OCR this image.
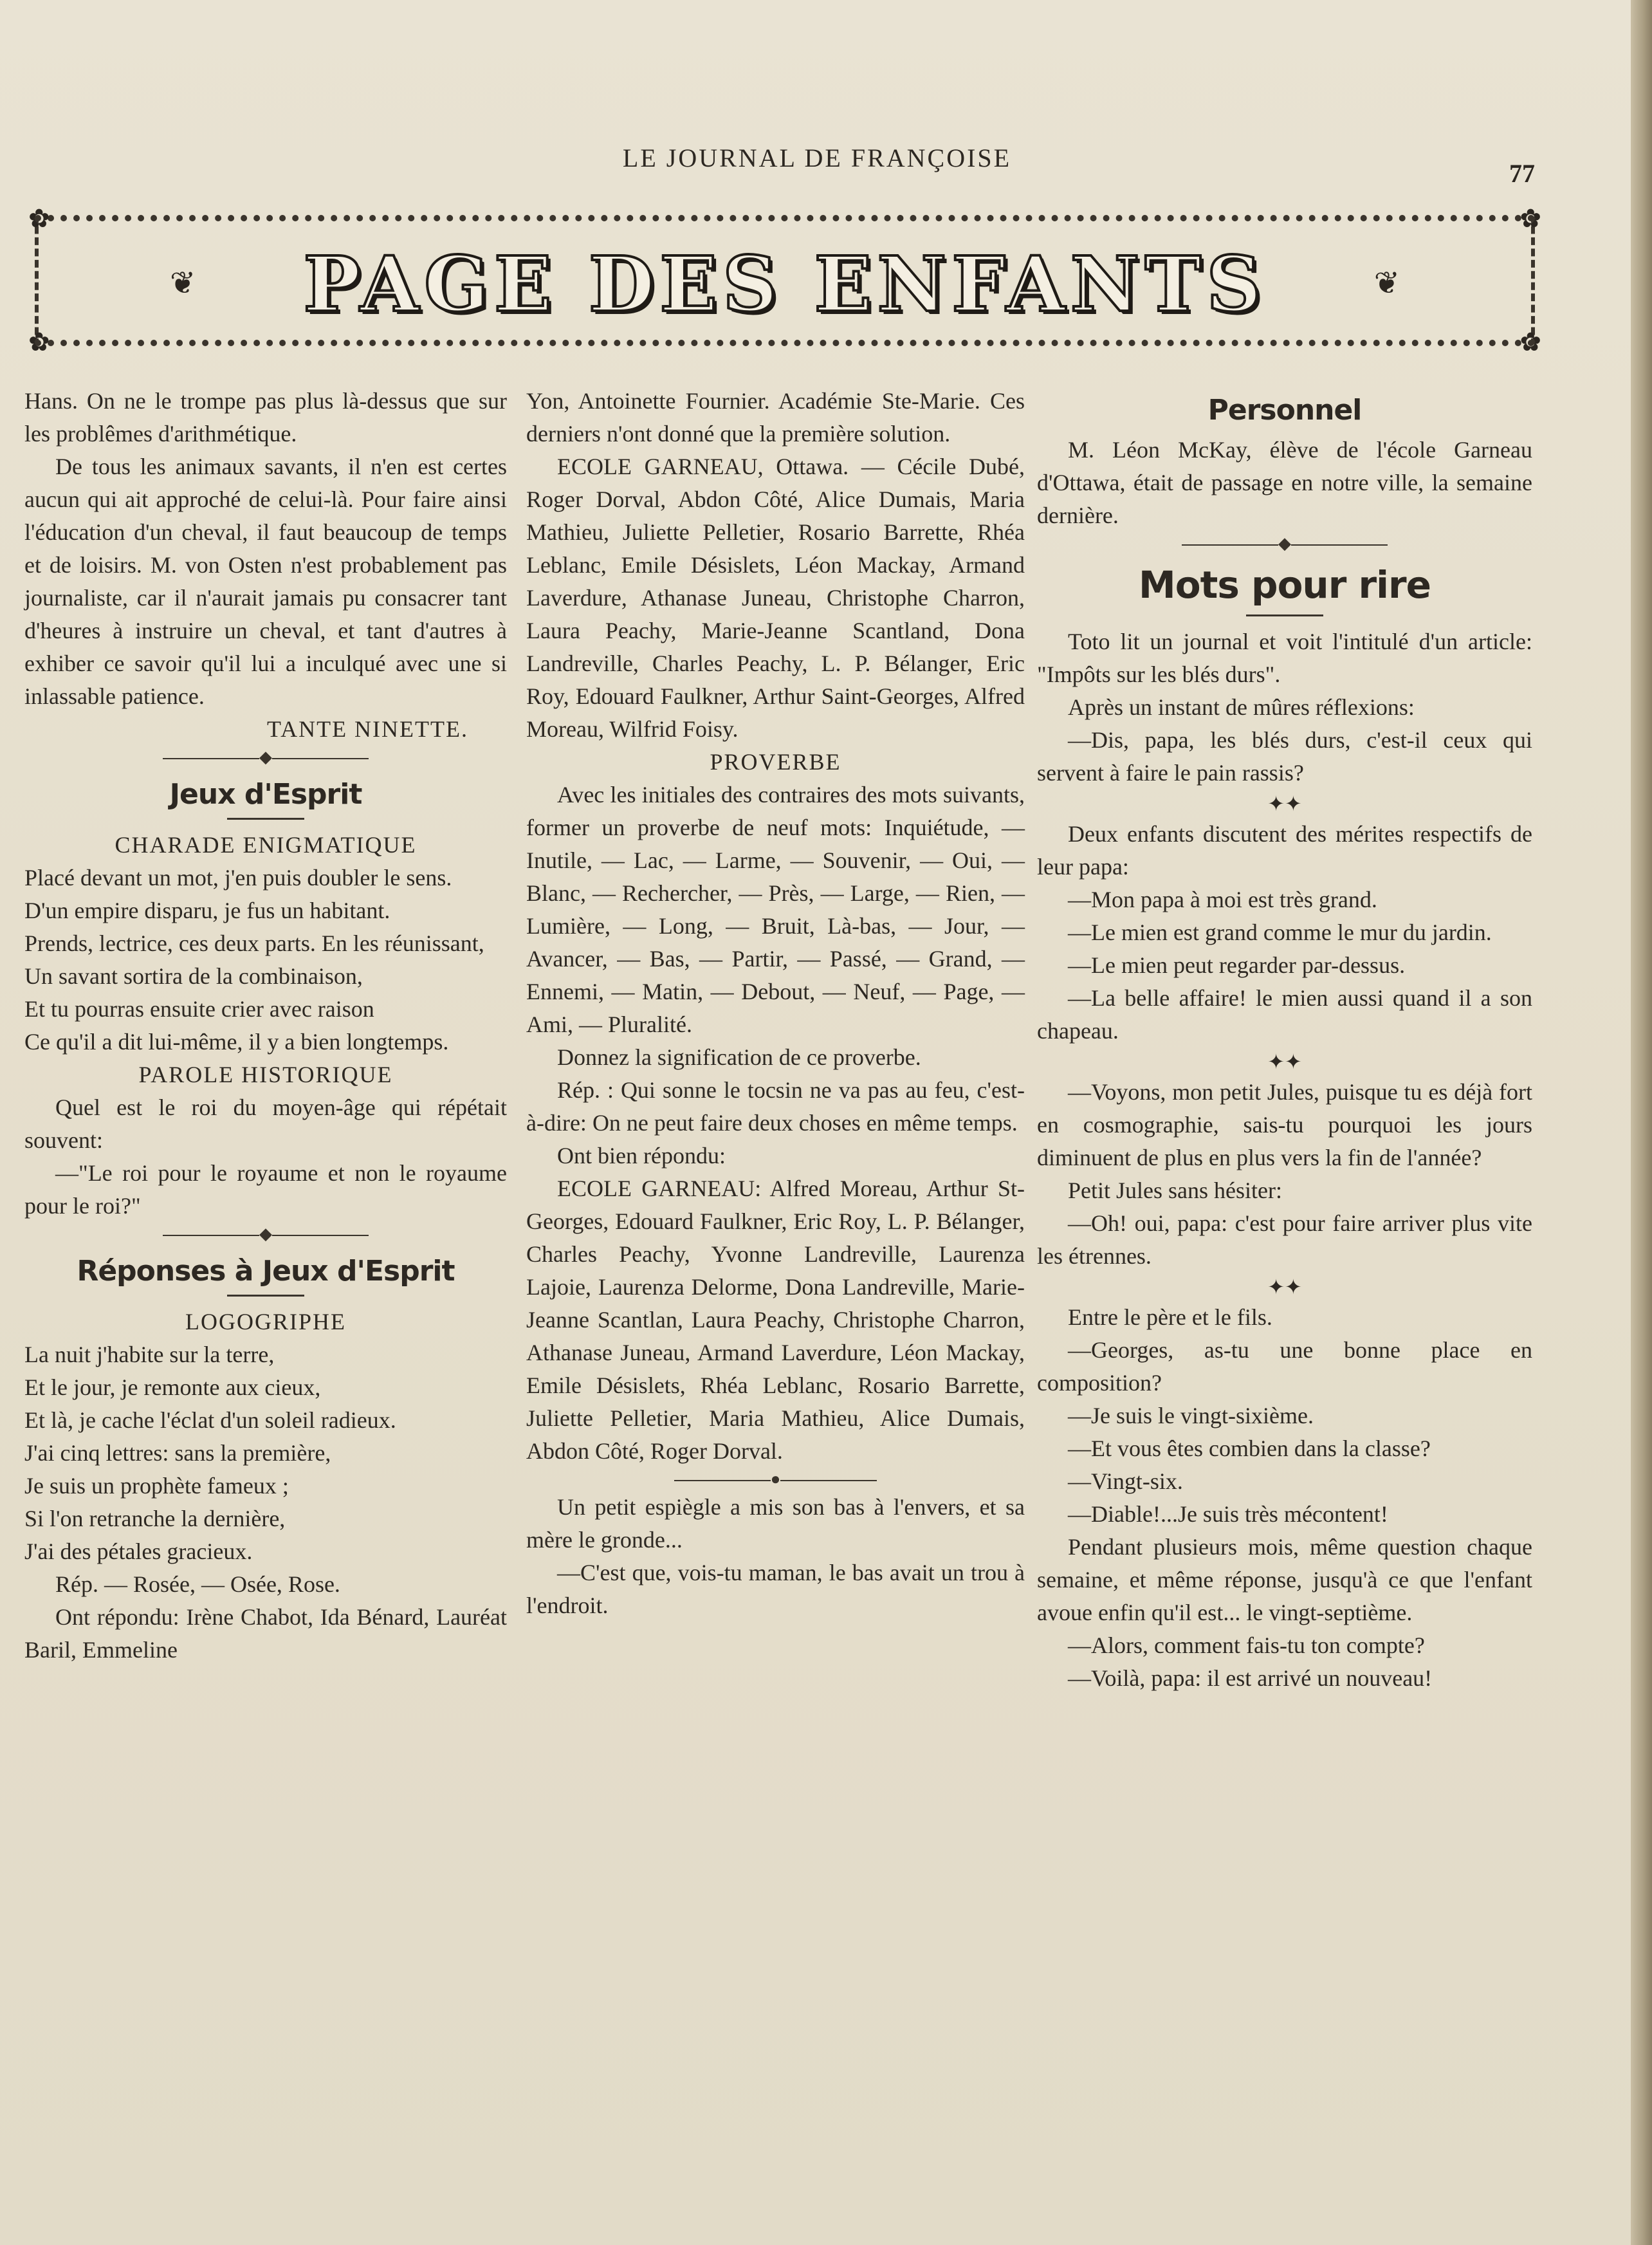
LE JOURNAL DE FRANÇOISE
77
✿	✿
✿	✿
❦	❦
PAGE DES ENFANTS

Hans. On ne le trompe pas plus là-dessus que sur les problêmes d'arithmétique.

De tous les animaux savants, il n'en est certes aucun qui ait approché de celui-là. Pour faire ainsi l'éducation d'un cheval, il faut beaucoup de temps et de loisirs. M. von Osten n'est probablement pas journaliste, car il n'aurait jamais pu consacrer tant d'heures à instruire un cheval, et tant d'autres à exhiber ce savoir qu'il lui a inculqué avec une si inlassable patience.

TANTE NINETTE.

◆
Jeux d'Esprit

CHARADE ENIGMATIQUE

Placé devant un mot, j'en puis doubler le sens.

D'un empire disparu, je fus un habitant.

Prends, lectrice, ces deux parts. En les réunissant,

Un savant sortira de la combinaison,

Et tu pourras ensuite crier avec raison

Ce qu'il a dit lui-même, il y a bien longtemps.

PAROLE HISTORIQUE

Quel est le roi du moyen-âge qui répétait souvent:

—"Le roi pour le royaume et non le royaume pour le roi?"

◆
Réponses à Jeux d'Esprit

LOGOGRIPHE

La nuit j'habite sur la terre,

Et le jour, je remonte aux cieux,

Et là, je cache l'éclat d'un soleil radieux.

J'ai cinq lettres: sans la première,

Je suis un prophète fameux ;

Si l'on retranche la dernière,

J'ai des pétales gracieux.

Rép. — Rosée, — Osée, Rose.

Ont répondu: Irène Chabot, Ida Bénard, Lauréat Baril, Emmeline

Yon, Antoinette Fournier. Académie Ste-Marie. Ces derniers n'ont donné que la première solution.

ECOLE GARNEAU, Ottawa. — Cécile Dubé, Roger Dorval, Abdon Côté, Alice Dumais, Maria Mathieu, Juliette Pelletier, Rosario Barrette, Rhéa Leblanc, Emile Désislets, Léon Mackay, Armand Laverdure, Athanase Juneau, Christophe Charron, Laura Peachy, Marie-Jeanne Scantland, Dona Landreville, Charles Peachy, L. P. Bélanger, Eric Roy, Edouard Faulkner, Arthur Saint-Georges, Alfred Moreau, Wilfrid Foisy.

PROVERBE

Avec les initiales des contraires des mots suivants, former un proverbe de neuf mots: Inquiétude, — Inutile, — Lac, — Larme, — Souvenir, — Oui, — Blanc, — Rechercher, — Près, — Large, — Rien, — Lumière, — Long, — Bruit, Là-bas, — Jour, — Avancer, — Bas, — Partir, — Passé, — Grand, — Ennemi, — Matin, — Debout, — Neuf, — Page, — Ami, — Pluralité.

Donnez la signification de ce proverbe.

Rép. : Qui sonne le tocsin ne va pas au feu, c'est-à-dire: On ne peut faire deux choses en même temps.

Ont bien répondu:

ECOLE GARNEAU: Alfred Moreau, Arthur St-Georges, Edouard Faulkner, Eric Roy, L. P. Bélanger, Charles Peachy, Yvonne Landreville, Laurenza Lajoie, Laurenza Delorme, Dona Landreville, Marie-Jeanne Scantlan, Laura Peachy, Christophe Charron, Athanase Juneau, Armand Laverdure, Léon Mackay, Emile Désislets, Rhéa Leblanc, Rosario Barrette, Juliette Pelletier, Maria Mathieu, Alice Dumais, Abdon Côté, Roger Dorval.

●

Un petit espiègle a mis son bas à l'envers, et sa mère le gronde...

—C'est que, vois-tu maman, le bas avait un trou à l'endroit.

Personnel

M. Léon McKay, élève de l'école Garneau d'Ottawa, était de passage en notre ville, la semaine dernière.

◆
Mots pour rire

Toto lit un journal et voit l'intitulé d'un article: "Impôts sur les blés durs".

Après un instant de mûres réflexions:

—Dis, papa, les blés durs, c'est-il ceux qui servent à faire le pain rassis?

✦✦

Deux enfants discutent des mérites respectifs de leur papa:

—Mon papa à moi est très grand.

—Le mien est grand comme le mur du jardin.

—Le mien peut regarder par-dessus.

—La belle affaire! le mien aussi quand il a son chapeau.

✦✦

—Voyons, mon petit Jules, puisque tu es déjà fort en cosmographie, sais-tu pourquoi les jours diminuent de plus en plus vers la fin de l'année?

Petit Jules sans hésiter:

—Oh! oui, papa: c'est pour faire arriver plus vite les étrennes.

✦✦

Entre le père et le fils.

—Georges, as-tu une bonne place en composition?

—Je suis le vingt-sixième.

—Et vous êtes combien dans la classe?

—Vingt-six.

—Diable!...Je suis très mécontent!

Pendant plusieurs mois, même question chaque semaine, et même réponse, jusqu'à ce que l'enfant avoue enfin qu'il est... le vingt-septième.

—Alors, comment fais-tu ton compte?

—Voilà, papa: il est arrivé un nouveau!
